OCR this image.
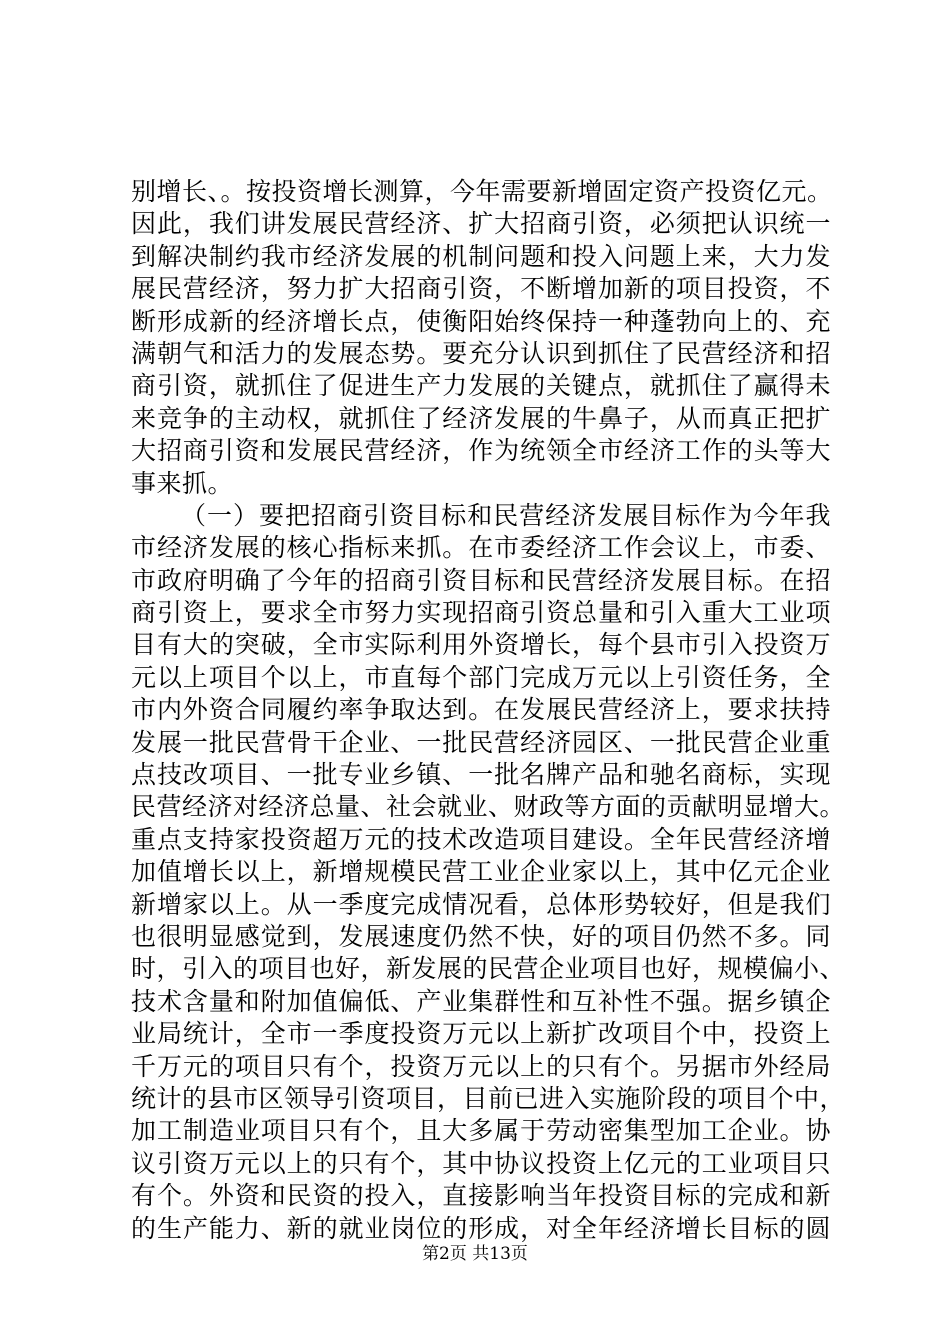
别增长、。按投资增长测算，今年需要新增固定资产投资亿元。
因此，我们讲发展民营经济、扩大招商引资，必须把认识统一
到解决制约我市经济发展的机制问题和投入问题上来，大力发
展民营经济，努力扩大招商引资，不断增加新的项目投资，不
断形成新的经济增长点，使衡阳始终保持一种蓬勃向上的、充
满朝气和活力的发展态势。要充分认识到抓住了民营经济和招
商引资，就抓住了促进生产力发展的关键点，就抓住了赢得未
来竞争的主动权，就抓住了经济发展的牛鼻子，从而真正把扩
大招商引资和发展民营经济，作为统领全市经济工作的头等大
事来抓。
（一）要把招商引资目标和民营经济发展目标作为今年我
市经济发展的核心指标来抓。在市委经济工作会议上，市委、
市政府明确了今年的招商引资目标和民营经济发展目标。在招
商引资上，要求全市努力实现招商引资总量和引入重大工业项
目有大的突破，全市实际利用外资增长，每个县市引入投资万
元以上项目个以上，市直每个部门完成万元以上引资任务，全
市内外资合同履约率争取达到。在发展民营经济上，要求扶持
发展一批民营骨干企业、一批民营经济园区、一批民营企业重
点技改项目、一批专业乡镇、一批名牌产品和驰名商标，实现
民营经济对经济总量、社会就业、财政等方面的贡献明显增大。
重点支持家投资超万元的技术改造项目建设。全年民营经济增
加值增长以上，新增规模民营工业企业家以上，其中亿元企业
新增家以上。从一季度完成情况看，总体形势较好，但是我们
也很明显感觉到，发展速度仍然不快，好的项目仍然不多。同
时，引入的项目也好，新发展的民营企业项目也好，规模偏小、
技术含量和附加值偏低、产业集群性和互补性不强。据乡镇企
业局统计，全市一季度投资万元以上新扩改项目个中，投资上
千万元的项目只有个，投资万元以上的只有个。另据市外经局
统计的县市区领导引资项目，目前已进入实施阶段的项目个中，
加工制造业项目只有个，且大多属于劳动密集型加工企业。协
议引资万元以上的只有个，其中协议投资上亿元的工业项目只
有个。外资和民资的投入，直接影响当年投资目标的完成和新
的生产能力、新的就业岗位的形成，对全年经济增长目标的圆
第2页 共13页
